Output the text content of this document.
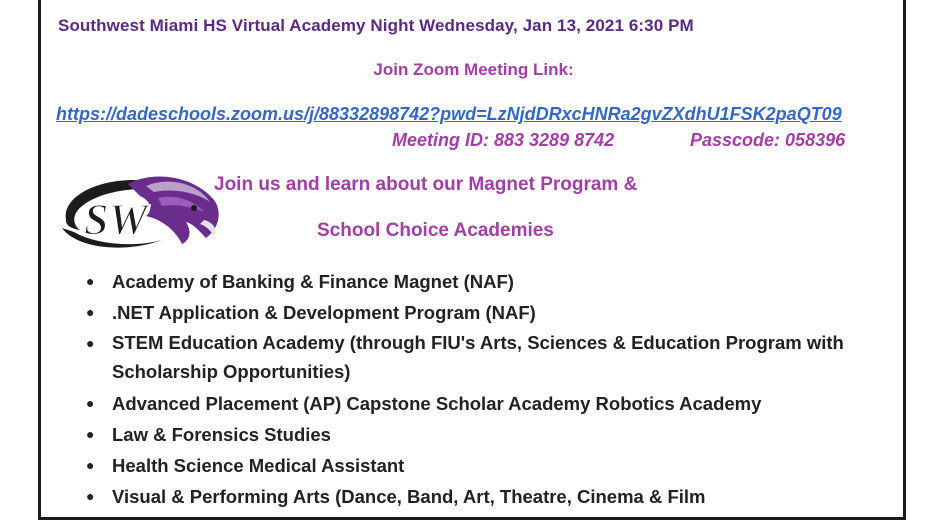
Southwest Miami HS Virtual Academy Night Wednesday, Jan 13, 2021 6:30 PM
Join Zoom Meeting Link:
https://dadeschools.zoom.us/j/88332898742?pwd=LzNjdDRxcHNRa2gvZXdhU1FSK2paQT09
Meeting ID: 883 3289 8742	Passcode: 058396
SW
Join us and learn about our Magnet Program &
School Choice Academies
● Academy of Banking & Finance Magnet (NAF)
● .NET Application & Development Program (NAF)
● STEM Education Academy (through FIU's Arts, Sciences & Education Program with Scholarship Opportunities)
● Advanced Placement (AP) Capstone Scholar Academy Robotics Academy
● Law & Forensics Studies
● Health Science Medical Assistant
● Visual & Performing Arts (Dance, Band, Art, Theatre, Cinema & Film
